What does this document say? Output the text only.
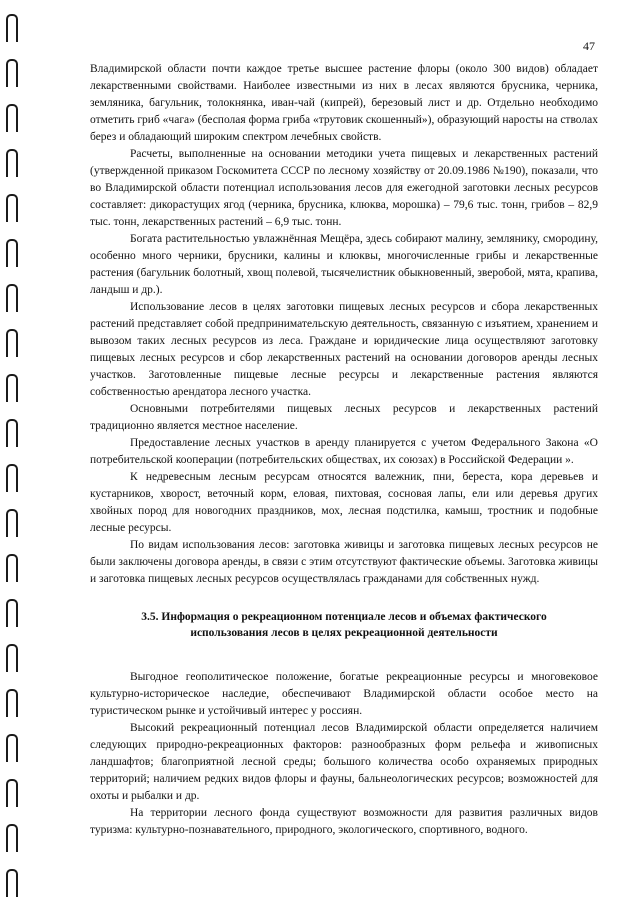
47

Владимирской области почти каждое третье высшее растение флоры (около 300 видов) обладает лекарственными свойствами. Наиболее известными из них в лесах являются брусника, черника, земляника, багульник, толокнянка, иван-чай (кипрей), березовый лист и др. Отдельно необходимо отметить гриб «чага» (бесполая форма гриба «трутовик скошенный»), образующий наросты на стволах берез и обладающий широким спектром лечебных свойств.

Расчеты, выполненные на основании методики учета пищевых и лекарственных растений (утвержденной приказом Госкомитета СССР по лесному хозяйству от 20.09.1986 №190), показали, что во Владимирской области потенциал использования лесов для ежегодной заготовки лесных ресурсов составляет: дикорастущих ягод (черника, брусника, клюква, морошка) – 79,6 тыс. тонн, грибов – 82,9 тыс. тонн, лекарственных растений – 6,9 тыс. тонн.

Богата растительностью увлажнённая Мещёра, здесь собирают малину, землянику, смородину, особенно много черники, брусники, калины и клюквы, многочисленные грибы и лекарственные растения (багульник болотный, хвощ полевой, тысячелистник обыкновенный, зверобой, мята, крапива, ландыш и др.).

Использование лесов в целях заготовки пищевых лесных ресурсов и сбора лекарственных растений представляет собой предпринимательскую деятельность, связанную с изъятием, хранением и вывозом таких лесных ресурсов из леса. Граждане и юридические лица осуществляют заготовку пищевых лесных ресурсов и сбор лекарственных растений на основании договоров аренды лесных участков. Заготовленные пищевые лесные ресурсы и лекарственные растения являются собственностью арендатора лесного участка.

Основными потребителями пищевых лесных ресурсов и лекарственных растений традиционно является местное население.

Предоставление лесных участков в аренду планируется с учетом Федерального Закона «О потребительской кооперации (потребительских обществах, их союзах) в Российской Федерации ».

К недревесным лесным ресурсам относятся валежник, пни, береста, кора деревьев и кустарников, хворост, веточный корм, еловая, пихтовая, сосновая лапы, ели или деревья других хвойных пород для новогодних праздников, мох, лесная подстилка, камыш, тростник и подобные лесные ресурсы.

По видам использования лесов: заготовка живицы и заготовка пищевых лесных ресурсов не были заключены договора аренды, в связи с этим отсутствуют фактические объемы. Заготовка живицы и заготовка пищевых лесных ресурсов осуществлялась гражданами для собственных нужд.

3.5. Информация о рекреационном потенциале лесов и объемах фактического
использования лесов в целях рекреационной деятельности

Выгодное геополитическое положение, богатые рекреационные ресурсы и многовековое культурно-историческое наследие, обеспечивают Владимирской области особое место на туристическом рынке и устойчивый интерес у россиян.

Высокий рекреационный потенциал лесов Владимирской области определяется наличием следующих природно-рекреационных факторов: разнообразных форм рельефа и живописных ландшафтов; благоприятной лесной среды; большого количества особо охраняемых природных территорий; наличием редких видов флоры и фауны, бальнеологических ресурсов; возможностей для охоты и рыбалки и др.

На территории лесного фонда существуют возможности для развития различных видов туризма: культурно-познавательного, природного, экологического, спортивного, водного.
